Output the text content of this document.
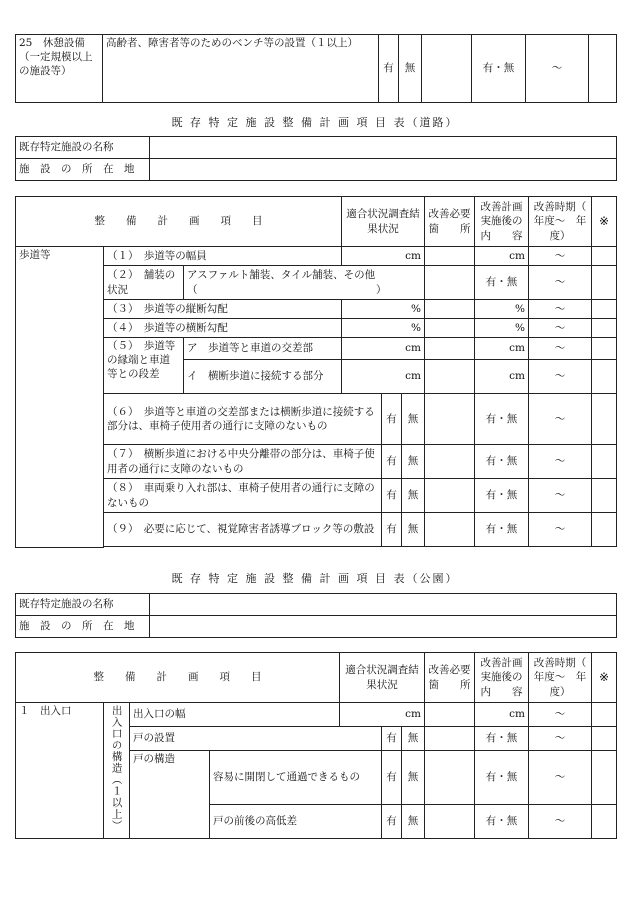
25　休憩設備（一定規模以上の施設等）	高齢者、障害者等のためのベンチ等の設置（１以上）	有	無		有・無	～	
既 存 特 定 施 設 整 備 計 画 項 目 表（道路）
既存特定施設の名称	
施　設　の　所　在　地	
整　　備　　計　　画　　項　　目			適合状況調査結果状況			改善必要箇　　所	改善計画実施後の内　　容	改善時期（　年度～　年度）	※
歩道等	（１）　歩道等の幅員		cm				cm	～	
	（２）　舗装の状況	アスファルト舗装、タイル舗装、その他（　　　　　　　　　　　　　　　　　）					有・無	～	
	（３）　歩道等の縦断勾配		%				%	～	
	（４）　歩道等の横断勾配		%				%	～	
	（５）　歩道等の縁端と車道等との段差	ア　歩道等と車道の交差部	cm				cm	～	
		イ　横断歩道に接続する部分	cm				cm	～	
	（６）　歩道等と車道の交差部または横断歩道に接続する部分は、車椅子使用者の通行に支障のないもの			有	無		有・無	～	
	（７）　横断歩道における中央分離帯の部分は、車椅子使用者の通行に支障のないもの			有	無		有・無	～	
	（８）　車両乗り入れ部は、車椅子使用者の通行に支障のないもの			有	無		有・無	～	
	（９）　必要に応じて、視覚障害者誘導ブロック等の敷設			有	無		有・無	～	

既 存 特 定 施 設 整 備 計 画 項 目 表（公園）
既存特定施設の名称	
施　設　の　所　在　地	
整　　備　　計　　画　　項　　目				適合状況調査結果状況			改善必要箇　　所	改善計画実施後の内　　容	改善時期（　年度～　年度）	※
１　出入口	出入口の構造（１以上）	出入口の幅		cm				cm	～	
		戸の設置			有	無		有・無	～	
		戸の構造	容易に開閉して通過できるもの		有	無		有・無	～	
			戸の前後の高低差		有	無		有・無	～	
